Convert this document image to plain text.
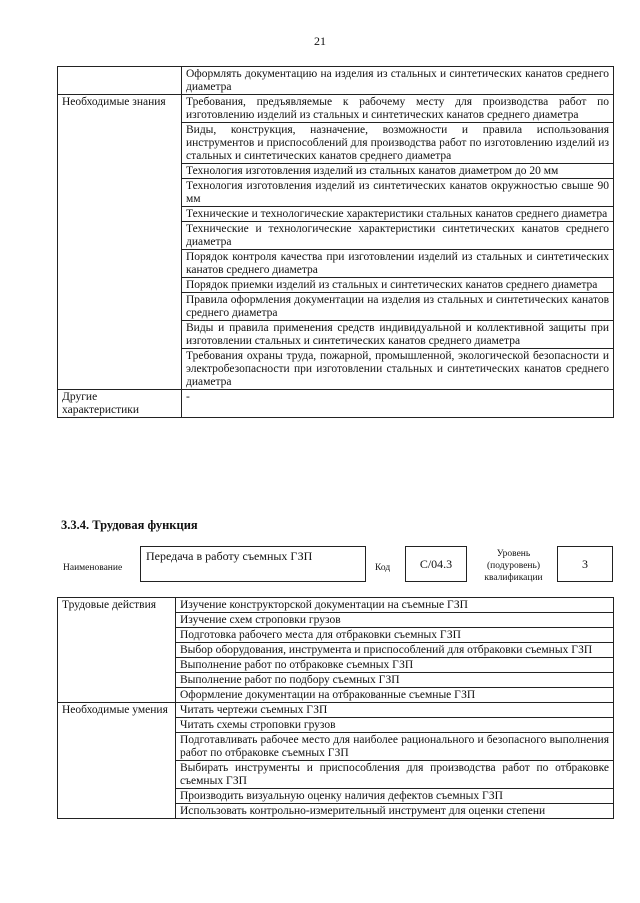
21
	Оформлять документацию на изделия из стальных и синтетических канатов среднего диаметра
Необходимые знания	Требования, предъявляемые к рабочему месту для производства работ по изготовлению изделий из стальных и синтетических канатов среднего диаметра
	Виды, конструкция, назначение, возможности и правила использования инструментов и приспособлений для производства работ по изготовлению изделий из стальных и синтетических канатов среднего диаметра
	Технология изготовления изделий из стальных канатов диаметром до 20 мм
	Технология изготовления изделий из синтетических канатов окружностью свыше 90 мм
	Технические и технологические характеристики стальных канатов среднего диаметра
	Технические и технологические характеристики синтетических канатов среднего диаметра
	Порядок контроля качества при изготовлении изделий из стальных и синтетических канатов среднего диаметра
	Порядок приемки изделий из стальных и синтетических канатов среднего диаметра
	Правила оформления документации на изделия из стальных и синтетических канатов среднего диаметра
	Виды и правила применения средств индивидуальной и коллективной защиты при изготовлении стальных и синтетических канатов среднего диаметра
	Требования охраны труда, пожарной, промышленной, экологической безопасности и электробезопасности при изготовлении стальных и синтетических канатов среднего диаметра
Другие характеристики	-
3.3.4. Трудовая функция
Наименование
Передача в работу съемных ГЗП
Код	С/04.3
Уровень (подуровень) квалификации
3
Трудовые действия	Изучение конструкторской документации на съемные ГЗП
	Изучение схем строповки грузов
	Подготовка рабочего места для отбраковки съемных ГЗП
	Выбор оборудования, инструмента и приспособлений для отбраковки съемных ГЗП
	Выполнение работ по отбраковке съемных ГЗП
	Выполнение работ по подбору съемных ГЗП
	Оформление документации на отбракованные съемные ГЗП
Необходимые умения	Читать чертежи съемных ГЗП
	Читать схемы строповки грузов
	Подготавливать рабочее место для наиболее рационального и безопасного выполнения работ по отбраковке съемных ГЗП
	Выбирать инструменты и приспособления для производства работ по отбраковке съемных ГЗП
	Производить визуальную оценку наличия дефектов съемных ГЗП
	Использовать контрольно-измерительный инструмент для оценки степени
